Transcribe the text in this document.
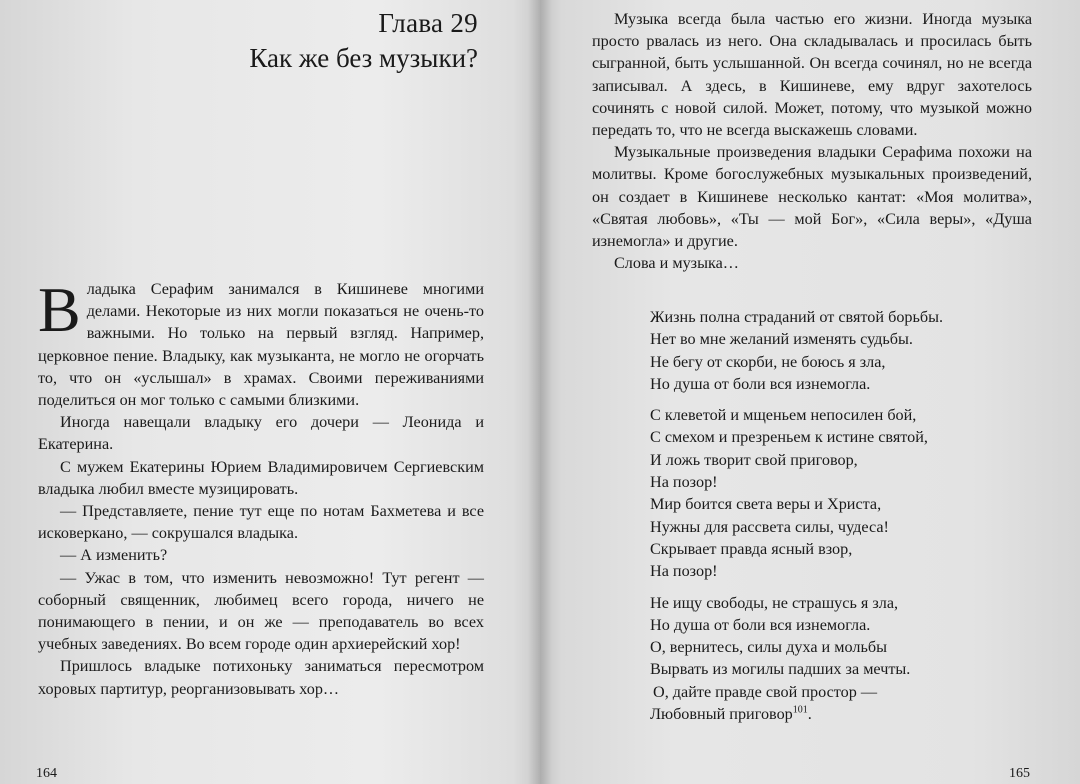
Глава 29
Как же без музыки?

Владыка Серафим занимался в Кишиневе многими делами. Некоторые из них могли показаться не очень-то важными. Но только на первый взгляд. Например, церковное пение. Владыку, как музыканта, не могло не огорчать то, что он «услышал» в храмах. Своими переживаниями поделиться он мог только с самыми близкими.

Иногда навещали владыку его дочери — Леонида и Екатерина.

С мужем Екатерины Юрием Владимировичем Сергиевским владыка любил вместе музицировать.

— Представляете, пение тут еще по нотам Бахметева и все исковеркано, — сокрушался владыка.

— А изменить?

— Ужас в том, что изменить невозможно! Тут регент — соборный священник, любимец всего города, ничего не понимающего в пении, и он же — преподаватель во всех учебных заведениях. Во всем городе один архиерейский хор!

Пришлось владыке потихоньку заниматься пересмотром хоровых партитур, реорганизовывать хор…

164

Музыка всегда была частью его жизни. Иногда музыка просто рвалась из него. Она складывалась и просилась быть сыгранной, быть услышанной. Он всегда сочинял, но не всегда записывал. А здесь, в Кишиневе, ему вдруг захотелось сочинять с новой силой. Может, потому, что музыкой можно передать то, что не всегда выскажешь словами.

Музыкальные произведения владыки Серафима похожи на молитвы. Кроме богослужебных музыкальных произведений, он создает в Кишиневе несколько кантат: «Моя молитва», «Святая любовь», «Ты — мой Бог», «Сила веры», «Душа изнемогла» и другие.

Слова и музыка…

Жизнь полна страданий от святой борьбы.
Нет во мне желаний изменять судьбы.
Не бегу от скорби, не боюсь я зла,
Но душа от боли вся изнемогла.
С клеветой и мщеньем непосилен бой,
С смехом и презреньем к истине святой,
И ложь творит свой приговор,
На позор!
Мир боится света веры и Христа,
Нужны для рассвета силы, чудеса!
Скрывает правда ясный взор,
На позор!
Не ищу свободы, не страшусь я зла,
Но душа от боли вся изнемогла.
О, вернитесь, силы духа и мольбы
Вырвать из могилы падших за мечты.
О, дайте правде свой простор —
Любовный приговор$^{101}$.
165
